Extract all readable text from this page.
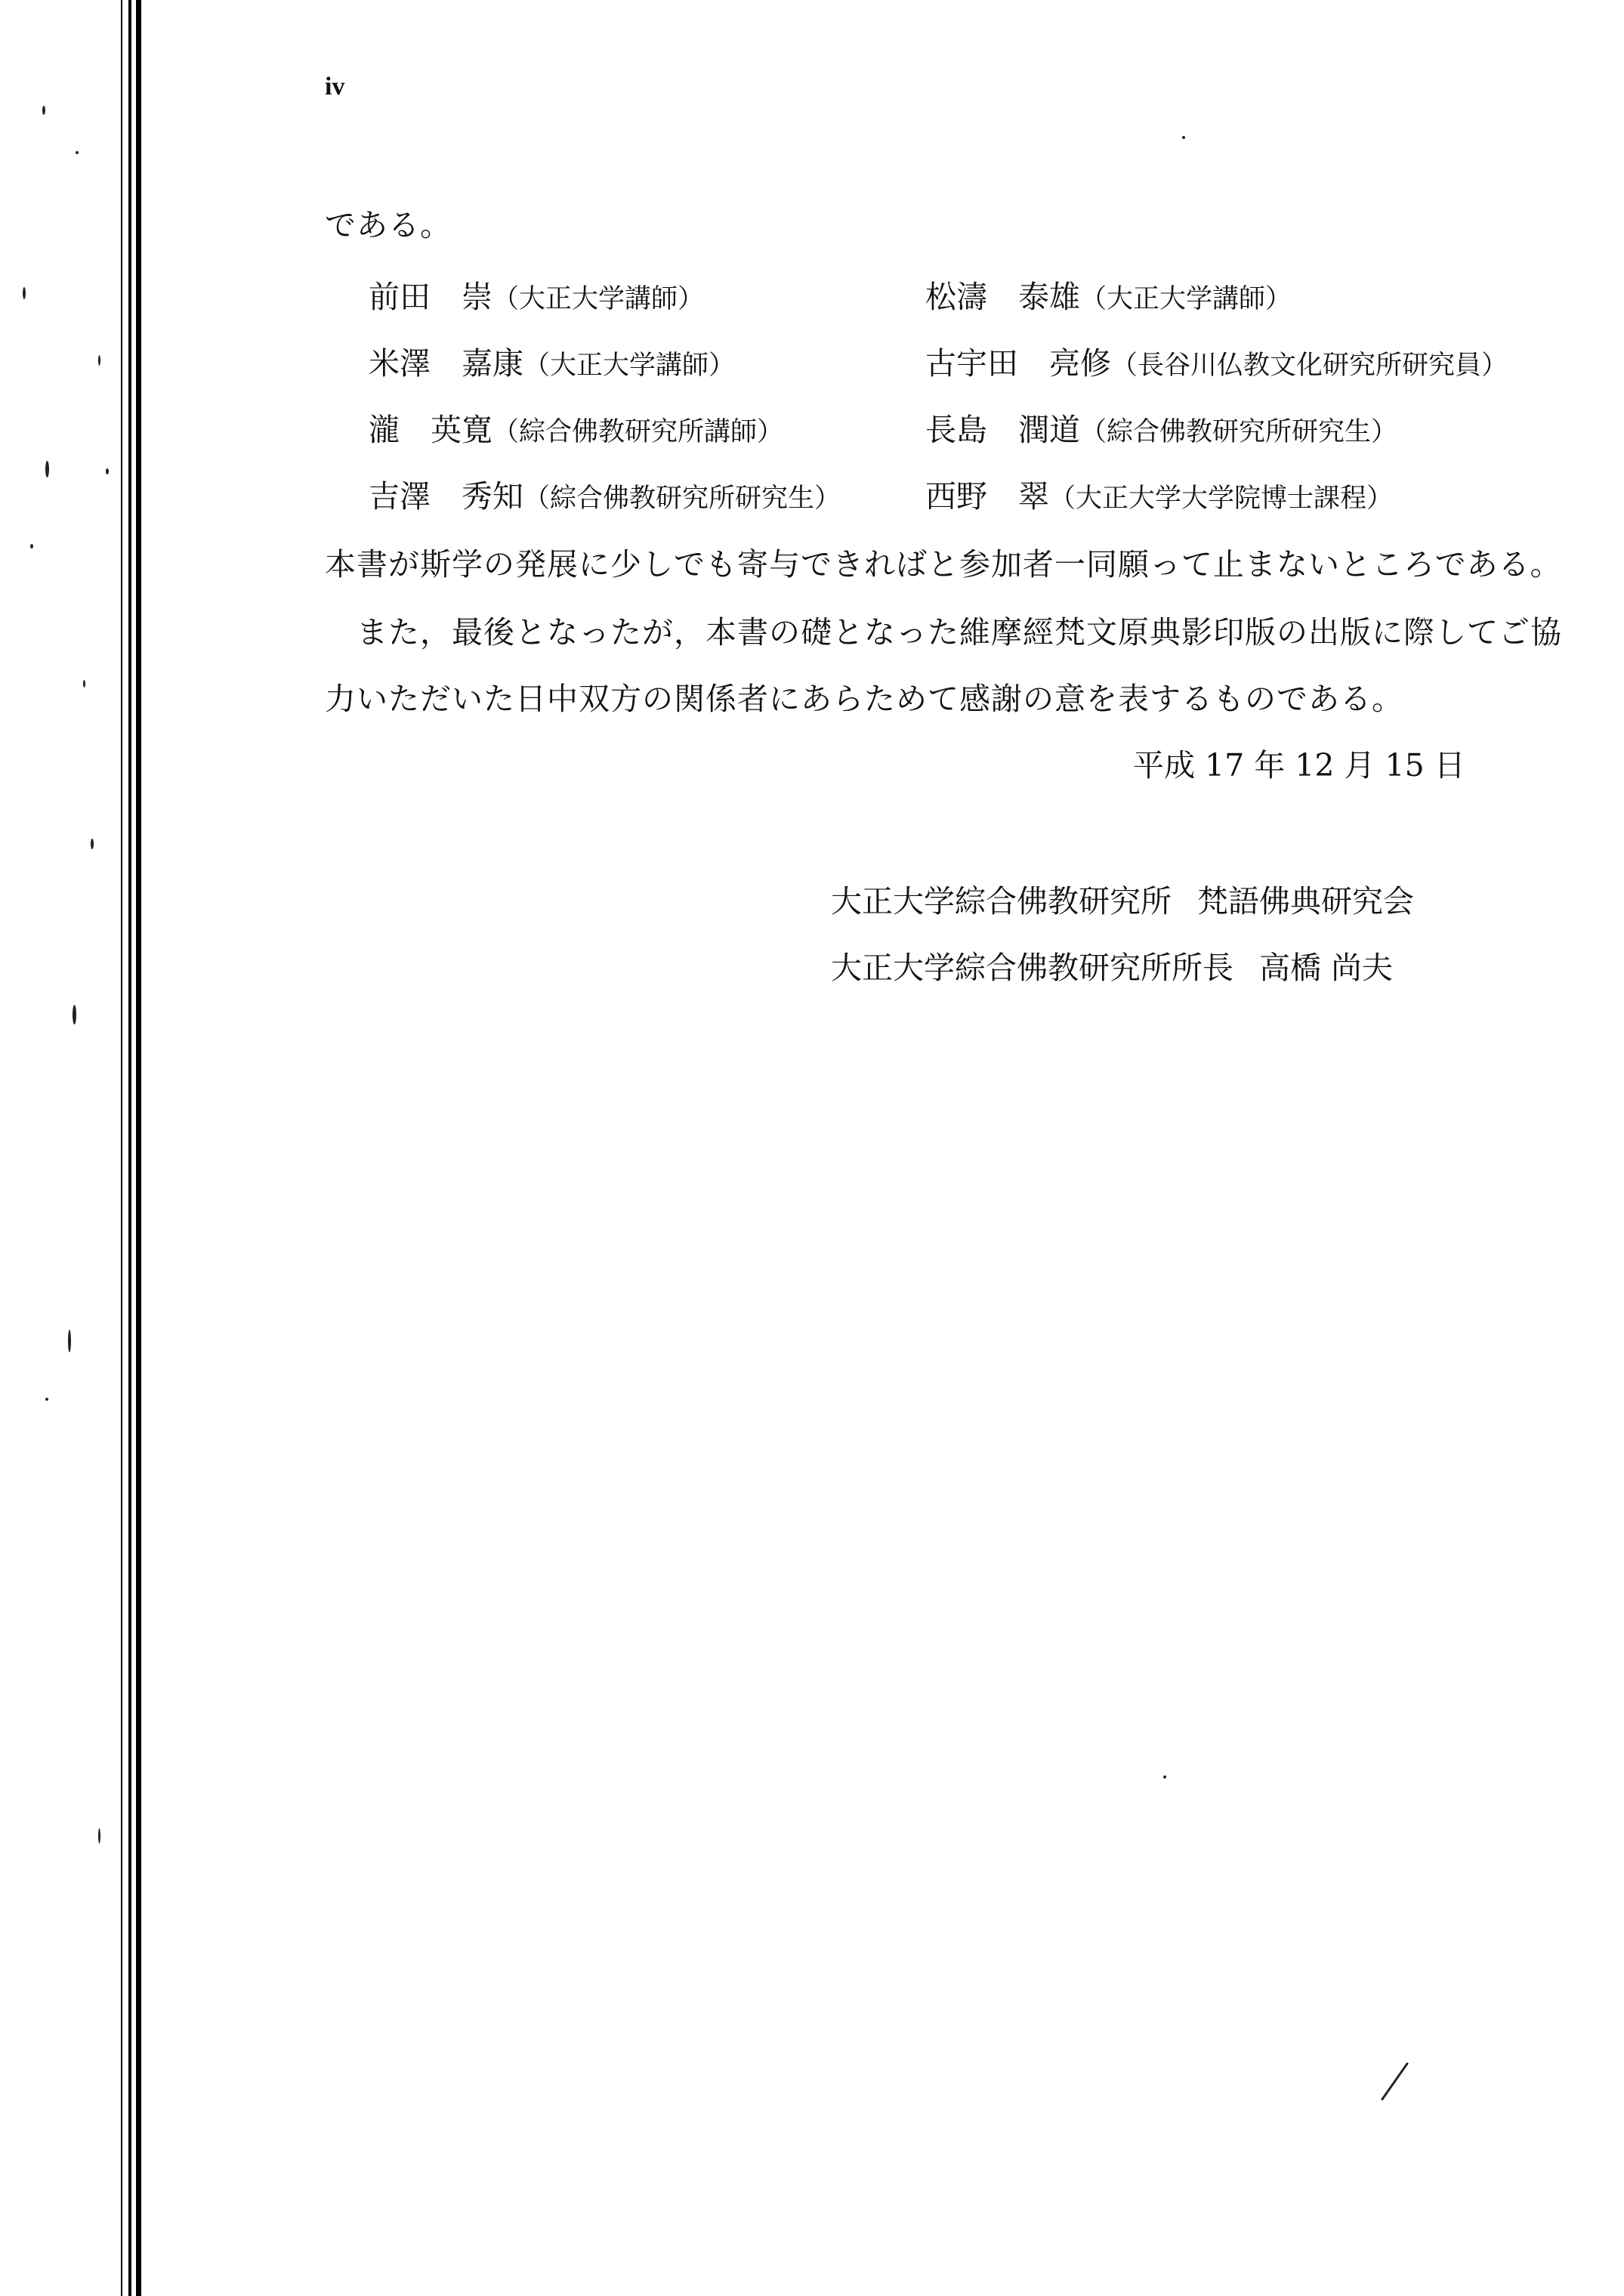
iv
である。
前田　崇（大正大学講師）	松濤　泰雄（大正大学講師）
米澤　嘉康（大正大学講師）	古宇田　亮修（長谷川仏教文化研究所研究員）
瀧　英寛（綜合佛教研究所講師）	長島　潤道（綜合佛教研究所研究生）
吉澤　秀知（綜合佛教研究所研究生）	西野　翠（大正大学大学院博士課程）
本書が斯学の発展に少しでも寄与できればと参加者一同願って止まないところである。
　また，最後となったが，本書の礎となった維摩經梵文原典影印版の出版に際してご協
力いただいた日中双方の関係者にあらためて感謝の意を表するものである。
平成 17 年 12 月 15 日
大正大学綜合佛教研究所 梵語佛典研究会
大正大学綜合佛教研究所所長 高橋 尚夫
